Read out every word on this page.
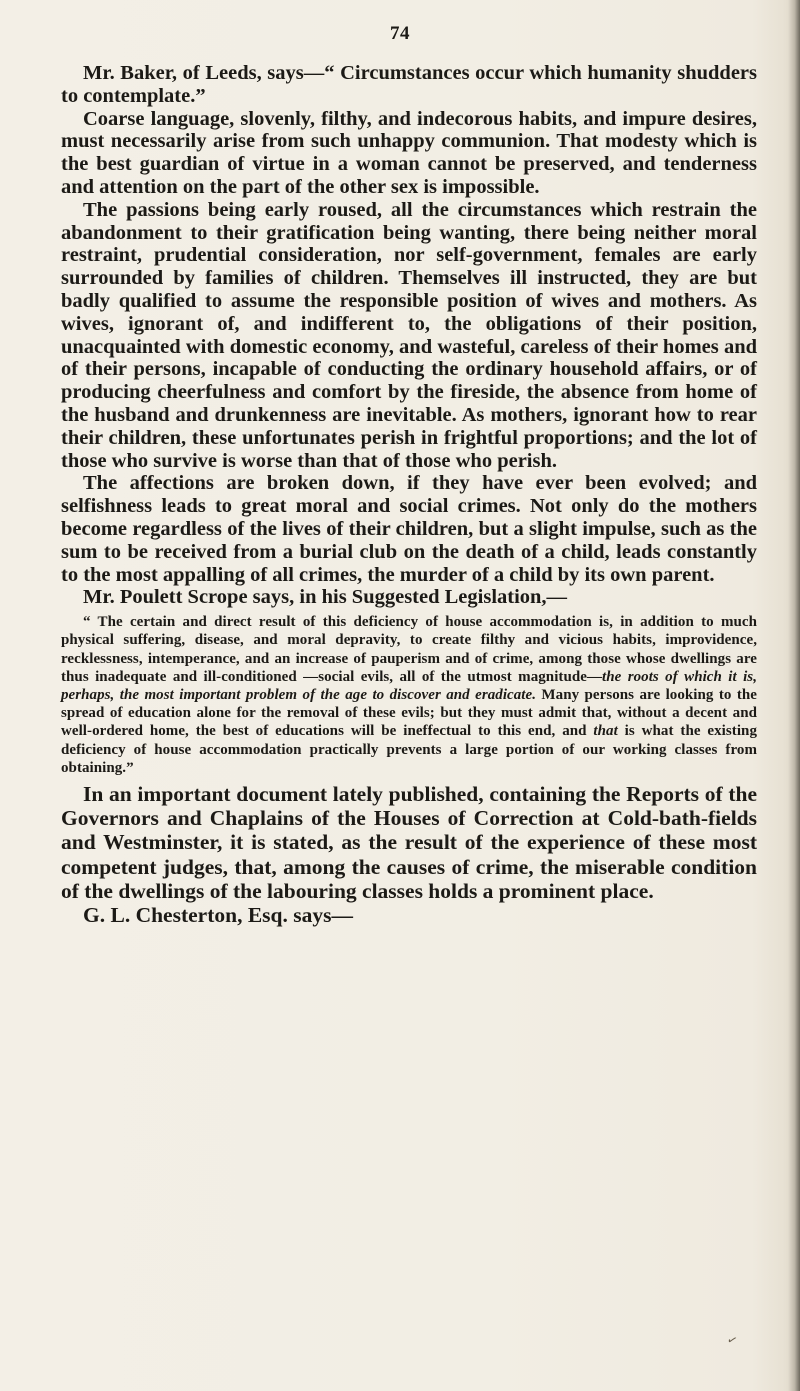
74

Mr. Baker, of Leeds, says—“ Circumstances occur which humanity shudders to contemplate.”

Coarse language, slovenly, filthy, and indecorous habits, and impure desires, must necessarily arise from such unhappy communion. That modesty which is the best guardian of virtue in a woman cannot be preserved, and tenderness and attention on the part of the other sex is impossible.

The passions being early roused, all the circumstances which restrain the abandonment to their gratification being wanting, there being neither moral restraint, prudential consideration, nor self-government, females are early surrounded by families of children. Themselves ill instructed, they are but badly qualified to assume the responsible position of wives and mothers. As wives, ignorant of, and indifferent to, the obligations of their position, unacquainted with domestic economy, and wasteful, careless of their homes and of their persons, incapable of conducting the ordinary household affairs, or of producing cheerfulness and comfort by the fireside, the absence from home of the husband and drunkenness are inevitable. As mothers, ignorant how to rear their children, these unfortunates perish in frightful proportions; and the lot of those who survive is worse than that of those who perish.

The affections are broken down, if they have ever been evolved; and selfishness leads to great moral and social crimes. Not only do the mothers become regardless of the lives of their children, but a slight impulse, such as the sum to be received from a burial club on the death of a child, leads constantly to the most appalling of all crimes, the murder of a child by its own parent.

Mr. Poulett Scrope says, in his Suggested Legislation,—

“ The certain and direct result of this deficiency of house accommodation is, in addition to much physical suffering, disease, and moral depravity, to create filthy and vicious habits, improvidence, recklessness, intemperance, and an increase of pauperism and of crime, among those whose dwellings are thus inadequate and ill-conditioned —social evils, all of the utmost magnitude—the roots of which it is, perhaps, the most important problem of the age to discover and eradicate. Many persons are looking to the spread of education alone for the removal of these evils; but they must admit that, without a decent and well-ordered home, the best of educations will be ineffectual to this end, and that is what the existing deficiency of house accommodation practically prevents a large portion of our working classes from obtaining.”

In an important document lately published, containing the Reports of the Governors and Chaplains of the Houses of Correction at Cold-bath-fields and Westminster, it is stated, as the result of the experience of these most competent judges, that, among the causes of crime, the miserable condition of the dwellings of the labouring classes holds a prominent place.

G. L. Chesterton, Esq. says—

✓
